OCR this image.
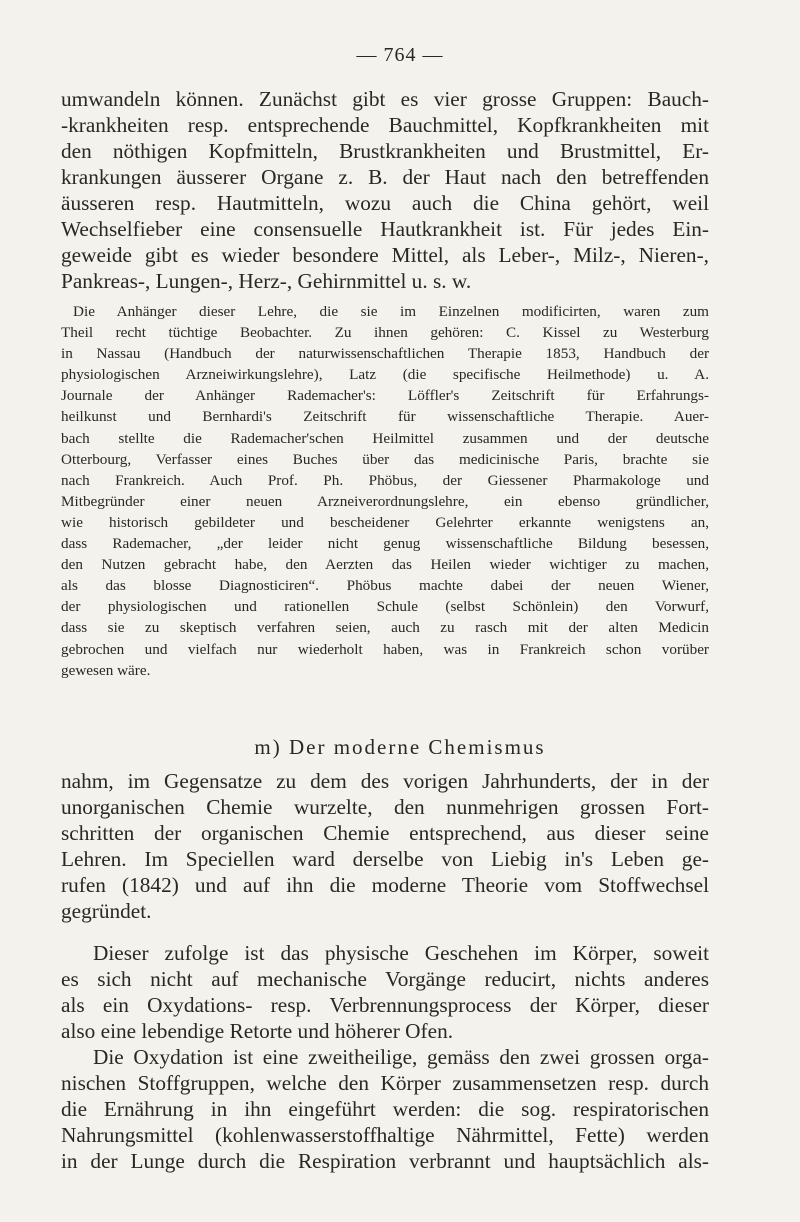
— 764 —
umwandeln können. Zunächst gibt es vier grosse Gruppen: Bauch-
-krankheiten resp. entsprechende Bauchmittel, Kopfkrankheiten mit
den nöthigen Kopfmitteln, Brustkrankheiten und Brustmittel, Er-
krankungen äusserer Organe z. B. der Haut nach den betreffenden
äusseren resp. Hautmitteln, wozu auch die China gehört, weil
Wechselfieber eine consensuelle Hautkrankheit ist. Für jedes Ein-
geweide gibt es wieder besondere Mittel, als Leber-, Milz-, Nieren-,
Pankreas-, Lungen-, Herz-, Gehirnmittel u. s. w.
Die Anhänger dieser Lehre, die sie im Einzelnen modificirten, waren zum
Theil recht tüchtige Beobachter. Zu ihnen gehören: C. Kissel zu Westerburg
in Nassau (Handbuch der naturwissenschaftlichen Therapie 1853, Handbuch der
physiologischen Arzneiwirkungslehre), Latz (die specifische Heilmethode) u. A.
Journale der Anhänger Rademacher's: Löffler's Zeitschrift für Erfahrungs-
heilkunst und Bernhardi's Zeitschrift für wissenschaftliche Therapie. Auer-
bach stellte die Rademacher'schen Heilmittel zusammen und der deutsche
Otterbourg, Verfasser eines Buches über das medicinische Paris, brachte sie
nach Frankreich. Auch Prof. Ph. Phöbus, der Giessener Pharmakologe und
Mitbegründer einer neuen Arzneiverordnungslehre, ein ebenso gründlicher,
wie historisch gebildeter und bescheidener Gelehrter erkannte wenigstens an,
dass Rademacher, „der leider nicht genug wissenschaftliche Bildung besessen,
den Nutzen gebracht habe, den Aerzten das Heilen wieder wichtiger zu machen,
als das blosse Diagnosticiren“. Phöbus machte dabei der neuen Wiener,
der physiologischen und rationellen Schule (selbst Schönlein) den Vorwurf,
dass sie zu skeptisch verfahren seien, auch zu rasch mit der alten Medicin
gebrochen und vielfach nur wiederholt haben, was in Frankreich schon vorüber
gewesen wäre.
m) Der moderne Chemismus
nahm, im Gegensatze zu dem des vorigen Jahrhunderts, der in der
unorganischen Chemie wurzelte, den nunmehrigen grossen Fort-
schritten der organischen Chemie entsprechend, aus dieser seine
Lehren. Im Speciellen ward derselbe von Liebig in's Leben ge-
rufen (1842) und auf ihn die moderne Theorie vom Stoffwechsel
gegründet.
Dieser zufolge ist das physische Geschehen im Körper, soweit
es sich nicht auf mechanische Vorgänge reducirt, nichts anderes
als ein Oxydations- resp. Verbrennungsprocess der Körper, dieser
also eine lebendige Retorte und höherer Ofen.
Die Oxydation ist eine zweitheilige, gemäss den zwei grossen orga-
nischen Stoffgruppen, welche den Körper zusammensetzen resp. durch
die Ernährung in ihn eingeführt werden: die sog. respiratorischen
Nahrungsmittel (kohlenwasserstoffhaltige Nährmittel, Fette) werden
in der Lunge durch die Respiration verbrannt und hauptsächlich als-
